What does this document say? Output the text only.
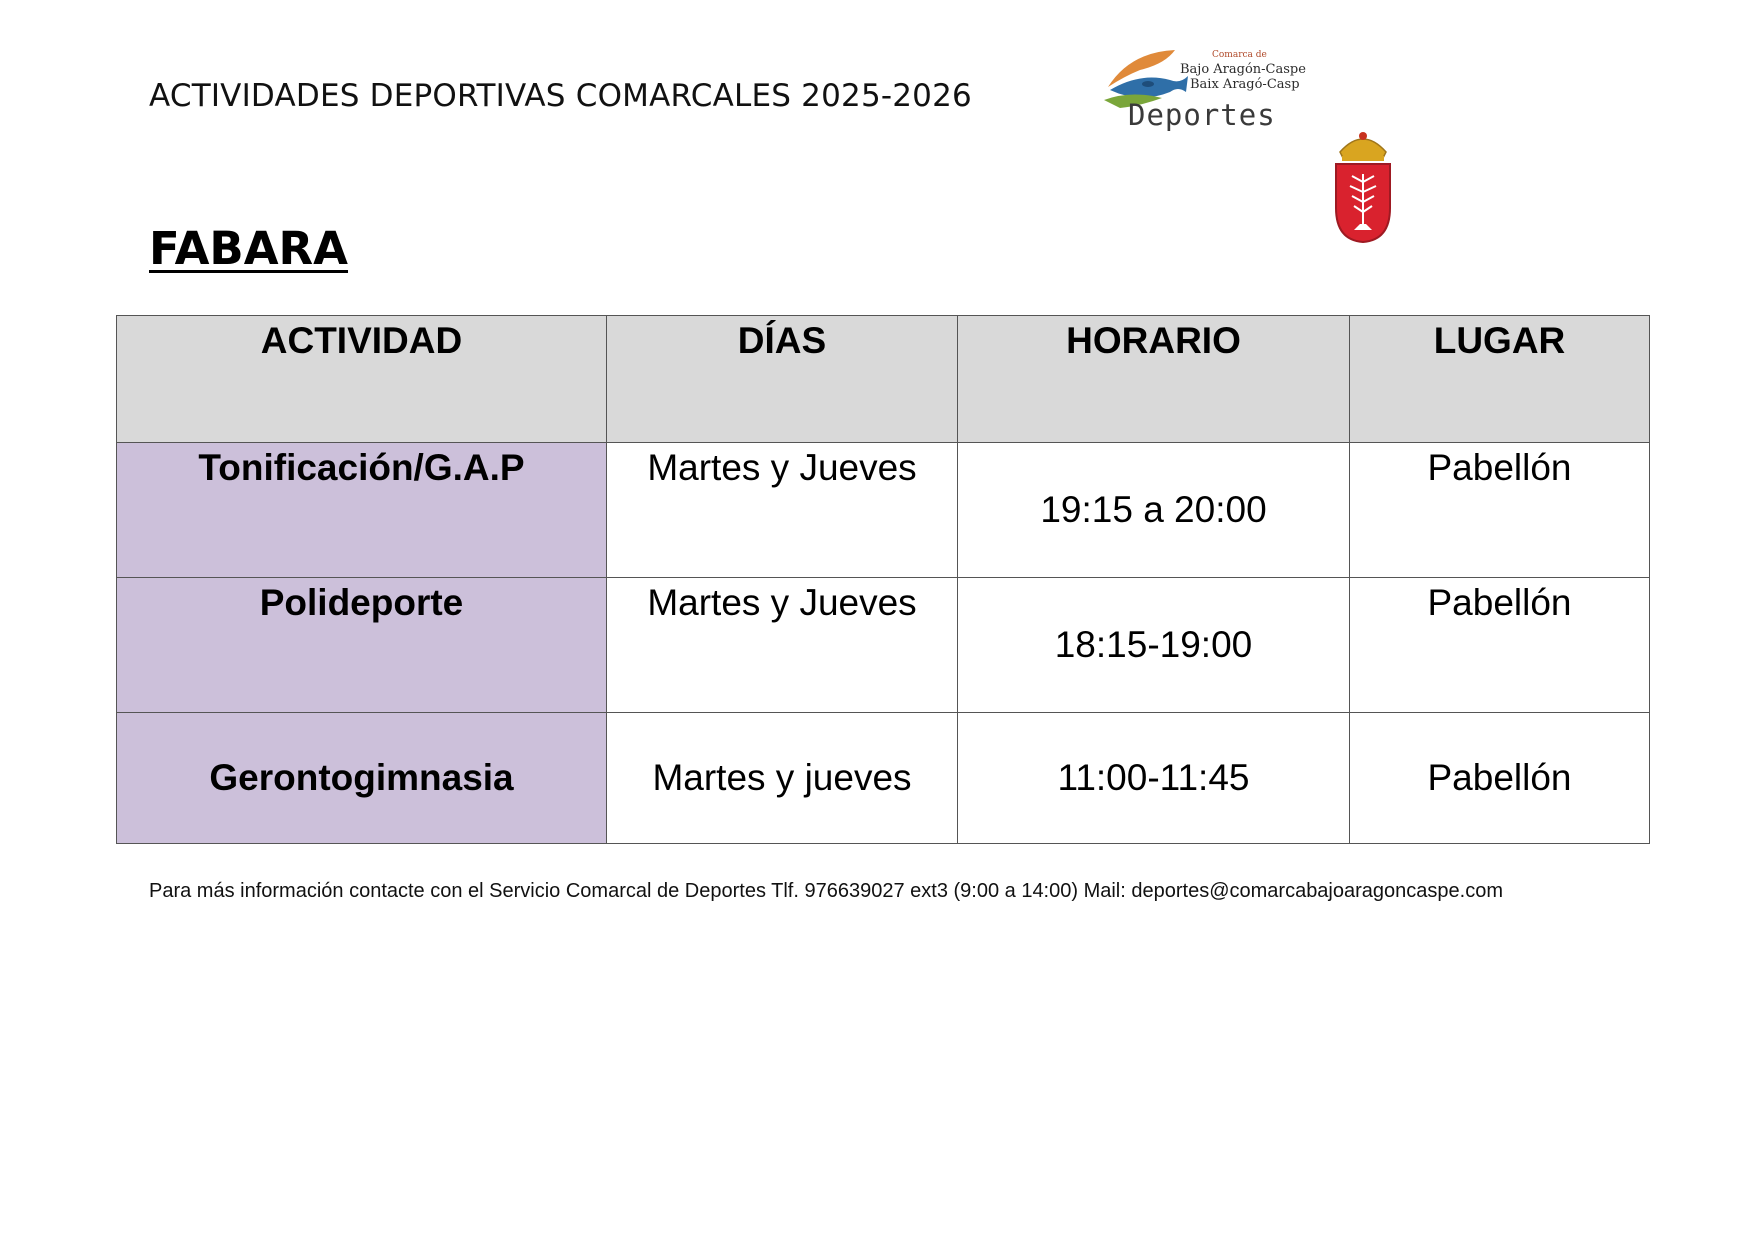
ACTIVIDADES DEPORTIVAS COMARCALES 2025-2026
Comarca de
Bajo Aragón-Caspe
Baix Aragó-Casp
Deportes
FABARA
ACTIVIDAD	DÍAS	HORARIO	LUGAR
Tonificación/G.A.P	Martes y Jueves	19:15 a 20:00	Pabellón
Polideporte	Martes y Jueves	18:15-19:00	Pabellón
Gerontogimnasia	Martes y jueves	11:00-11:45	Pabellón
Para más información contacte con el Servicio Comarcal de Deportes Tlf. 976639027 ext3 (9:00 a 14:00) Mail: deportes@comarcabajoaragoncaspe.com
